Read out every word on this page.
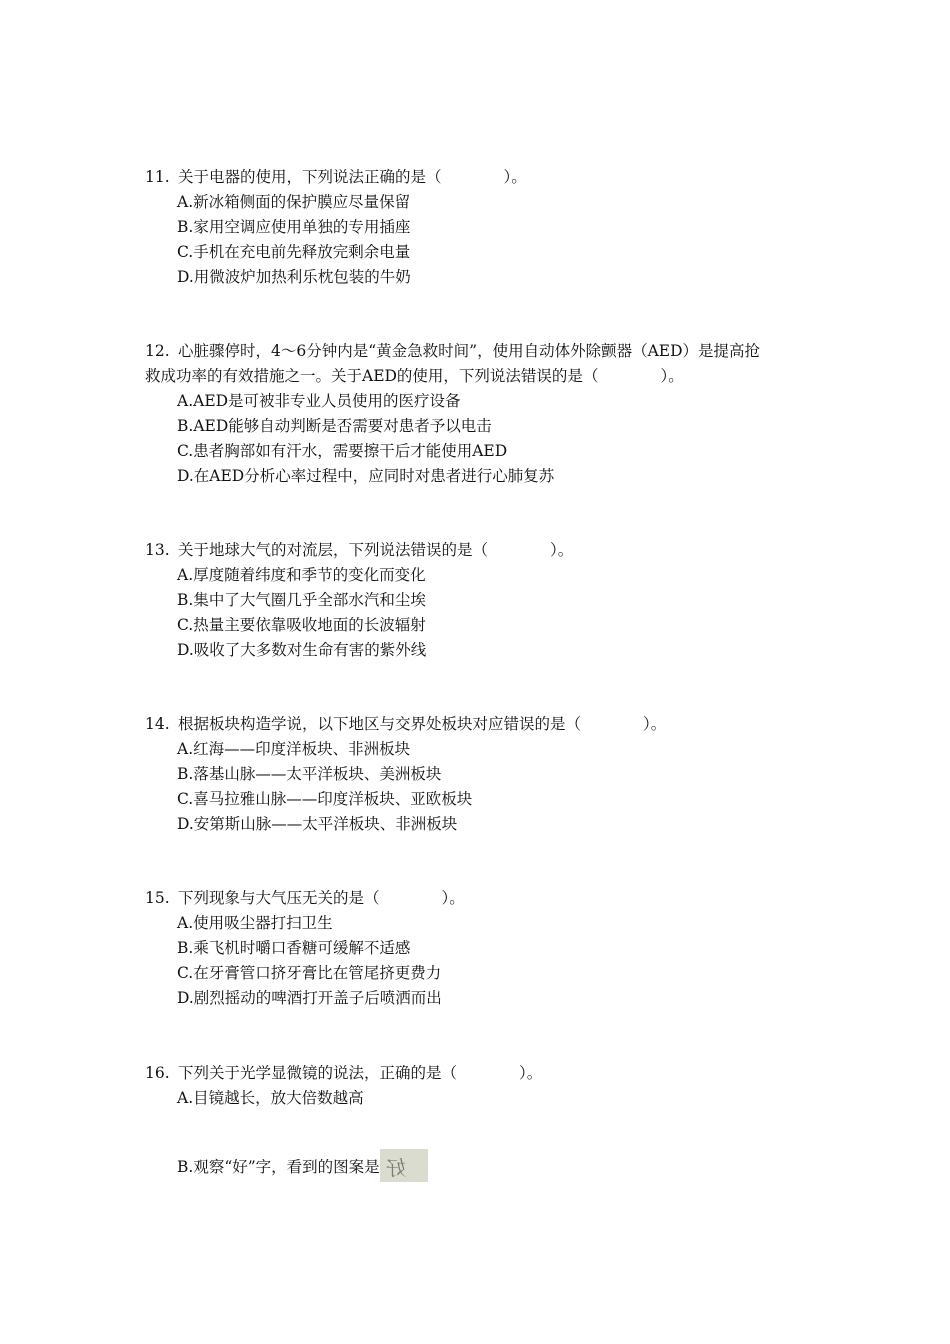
11. 关于电器的使用，下列说法正确的是（　　　　）。

A.新冰箱侧面的保护膜应尽量保留
B.家用空调应使用单独的专用插座
C.手机在充电前先释放完剩余电量
D.用微波炉加热利乐枕包装的牛奶

12. 心脏骤停时，4～6分钟内是“黄金急救时间”，使用自动体外除颤器（AED）是提高抢

救成功率的有效措施之一。关于AED的使用，下列说法错误的是（　　　　）。

A.AED是可被非专业人员使用的医疗设备
B.AED能够自动判断是否需要对患者予以电击
C.患者胸部如有汗水，需要擦干后才能使用AED
D.在AED分析心率过程中，应同时对患者进行心肺复苏

13. 关于地球大气的对流层，下列说法错误的是（　　　　）。

A.厚度随着纬度和季节的变化而变化
B.集中了大气圈几乎全部水汽和尘埃
C.热量主要依靠吸收地面的长波辐射
D.吸收了大多数对生命有害的紫外线

14. 根据板块构造学说，以下地区与交界处板块对应错误的是（　　　　）。

A.红海——印度洋板块、非洲板块
B.落基山脉——太平洋板块、美洲板块
C.喜马拉雅山脉——印度洋板块、亚欧板块
D.安第斯山脉——太平洋板块、非洲板块

15. 下列现象与大气压无关的是（　　　　）。

A.使用吸尘器打扫卫生
B.乘飞机时嚼口香糖可缓解不适感
C.在牙膏管口挤牙膏比在管尾挤更费力
D.剧烈摇动的啤酒打开盖子后喷洒而出

16. 下列关于光学显微镜的说法，正确的是（　　　　）。

A.目镜越长，放大倍数越高
B.观察“好”字，看到的图案是 好
